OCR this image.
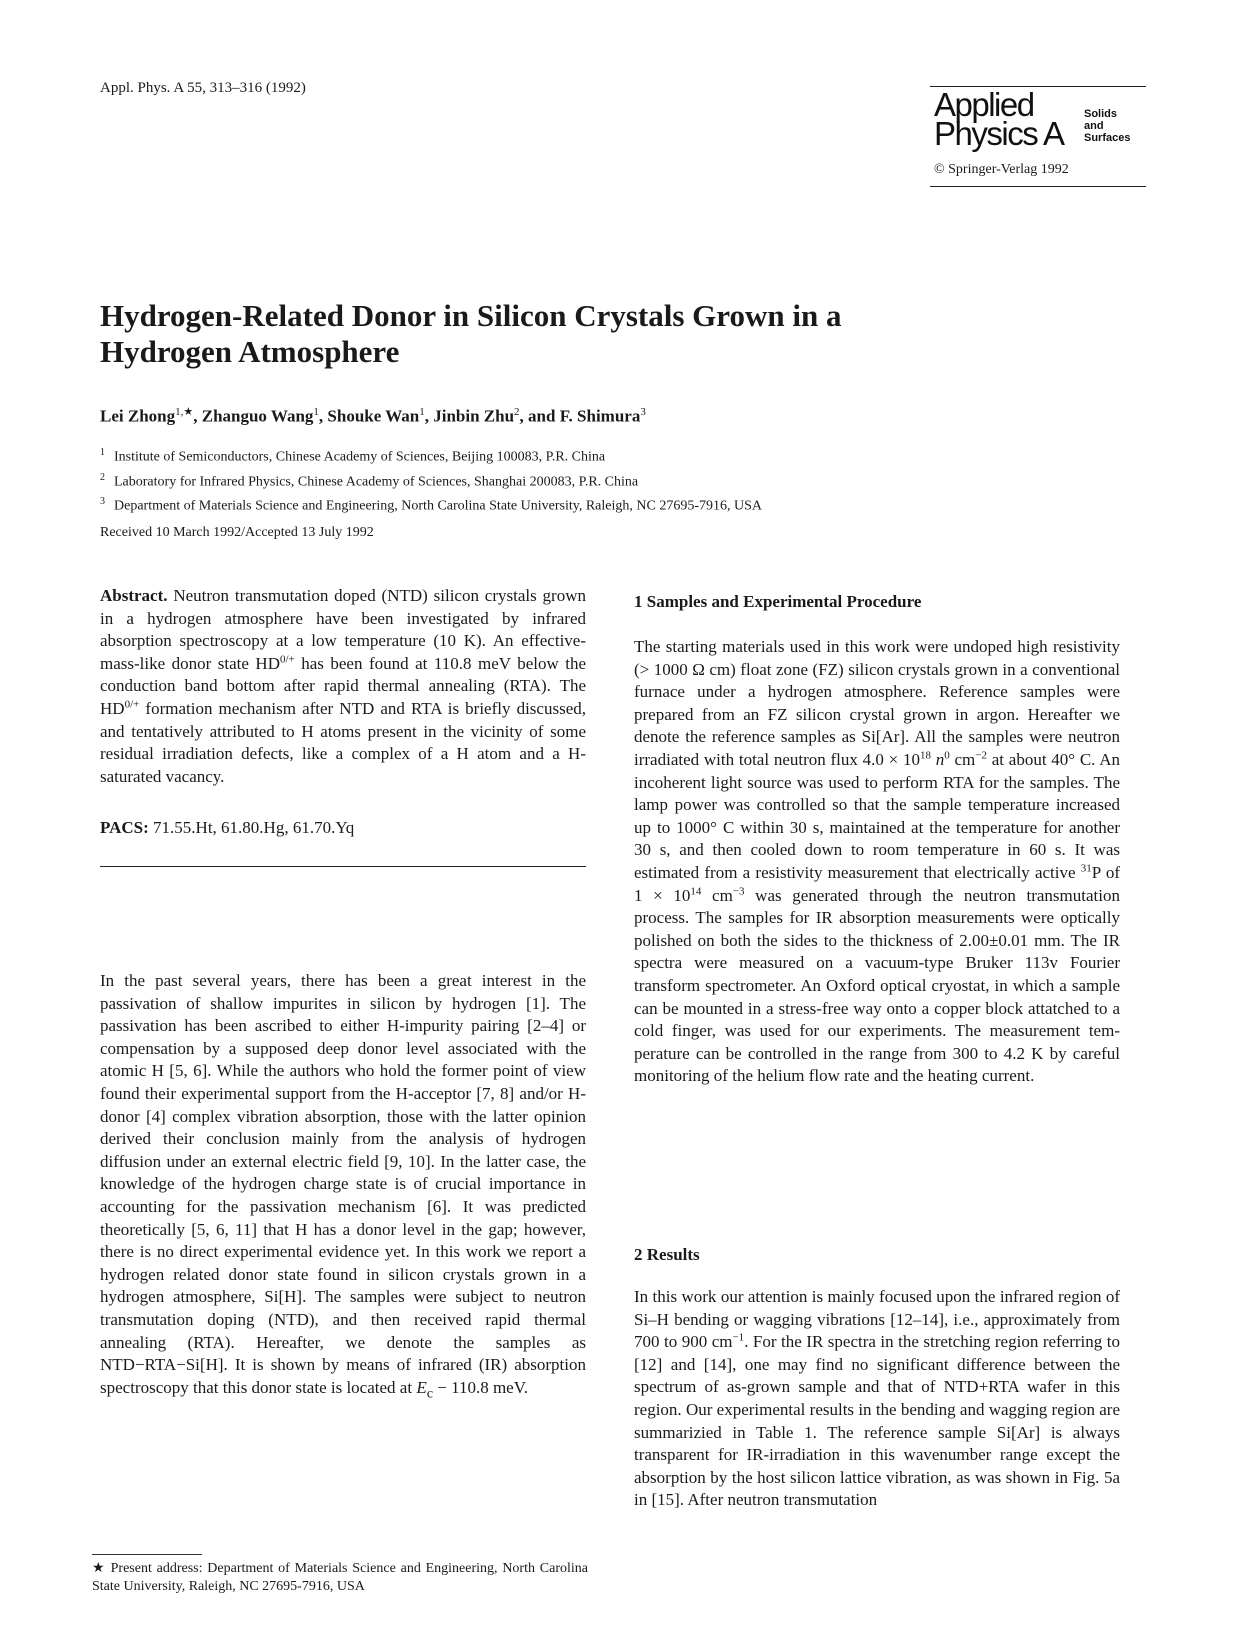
Appl. Phys. A 55, 313–316 (1992)	Applied
Physics A
Solids
and
Surfaces
© Springer-Verlag 1992
Hydrogen-Related Donor in Silicon Crystals Grown in a Hydrogen Atmosphere
Lei Zhong$^{1,★}$, Zhanguo Wang$^1$, Shouke Wan$^1$, Jinbin Zhu$^2$, and F. Shimura$^3$
$^1$ Institute of Semiconductors, Chinese Academy of Sciences, Beijing 100083, P.R. China
$^2$ Laboratory for Infrared Physics, Chinese Academy of Sciences, Shanghai 200083, P.R. China
$^3$ Department of Materials Science and Engineering, North Carolina State University, Raleigh, NC 27695-7916, USA
Received 10 March 1992/Accepted 13 July 1992

Abstract. Neutron transmutation doped (NTD) silicon crystals grown in a hydrogen atmosphere have been investigated by infrared absorption spectroscopy at a low temperature (10 K). An effective-mass-like donor state $HD^{0/+}$ has been found at 110.8 meV below the conduction band bottom after rapid thermal annealing (RTA). The $HD^{0/+}$ formation mechanism after NTD and RTA is briefly discussed, and tentatively attributed to H atoms present in the vicinity of some residual irradiation defects, like a complex of a H atom and a H-saturated vacancy.

PACS: 71.55.Ht, 61.80.Hg, 61.70.Yq

In the past several years, there has been a great interest in the passivation of shallow impurites in silicon by hydrogen [1]. The passivation has been ascribed to either H-impurity pairing [2–4] or compensation by a supposed deep donor level associated with the atomic H [5, 6]. While the authors who hold the former point of view found their experimental support from the H-acceptor [7, 8] and/or H-donor [4] complex vibration absorption, those with the latter opinion derived their conclusion mainly from the analysis of hydrogen diffusion under an external electric field [9, 10]. In the latter case, the knowledge of the hydrogen charge state is of crucial importance in accounting for the passivation mechanism [6]. It was predicted theoretically [5, 6, 11] that H has a donor level in the gap; however, there is no direct experimental evidence yet. In this work we report a hydrogen related donor state found in silicon crystals grown in a hydrogen atmosphere, Si[H]. The samples were subject to neutron transmutation doping (NTD), and then received rapid thermal annealing (RTA). Hereafter, we denote the samples as NTD−RTA−Si[H]. It is shown by means of infrared (IR) absorption spectroscopy that this donor state is located at $E_c - 110.8$ meV.

★ Present address: Department of Materials Science and Engineering, North Carolina State University, Raleigh, NC 27695-7916, USA
1 Samples and Experimental Procedure

The starting materials used in this work were undoped high resistivity (> 1000 Ω cm) float zone (FZ) silicon crystals grown in a conventional furnace under a hydrogen atmosphere. Reference samples were prepared from an FZ silicon crystal grown in argon. Hereafter we denote the reference samples as Si[Ar]. All the samples were neutron irradiated with total neutron flux $4.0 \times 10^{18}$ $n^0$ $cm^{-2}$ at about 40° C. An incoherent light source was used to perform RTA for the samples. The lamp power was controlled so that the sample temperature increased up to 1000° C within 30 s, maintained at the temperature for another 30 s, and then cooled down to room temperature in 60 s. It was estimated from a resistivity measurement that electrically active $^{31}$P of $1 \times 10^{14}$ $cm^{-3}$ was generated through the neutron transmutation process. The samples for IR absorption measurements were optically polished on both the sides to the thickness of 2.00±0.01 mm. The IR spectra were measured on a vacuum-type Bruker 113v Fourier transform spectrometer. An Oxford optical cryostat, in which a sample can be mounted in a stress-free way onto a copper block attatched to a cold finger, was used for our experiments. The measurement temperature can be controlled in the range from 300 to 4.2 K by careful monitoring of the helium flow rate and the heating current.

2 Results

In this work our attention is mainly focused upon the infrared region of Si–H bending or wagging vibrations [12–14], i.e., approximately from 700 to 900 $cm^{-1}$. For the IR spectra in the stretching region referring to [12] and [14], one may find no significant difference between the spectrum of as-grown sample and that of NTD+RTA wafer in this region. Our experimental results in the bending and wagging region are summarizied in Table 1. The reference sample Si[Ar] is always transparent for IR-irradiation in this wavenumber range except the absorption by the host silicon lattice vibration, as was shown in Fig. 5a in [15]. After neutron transmutation
